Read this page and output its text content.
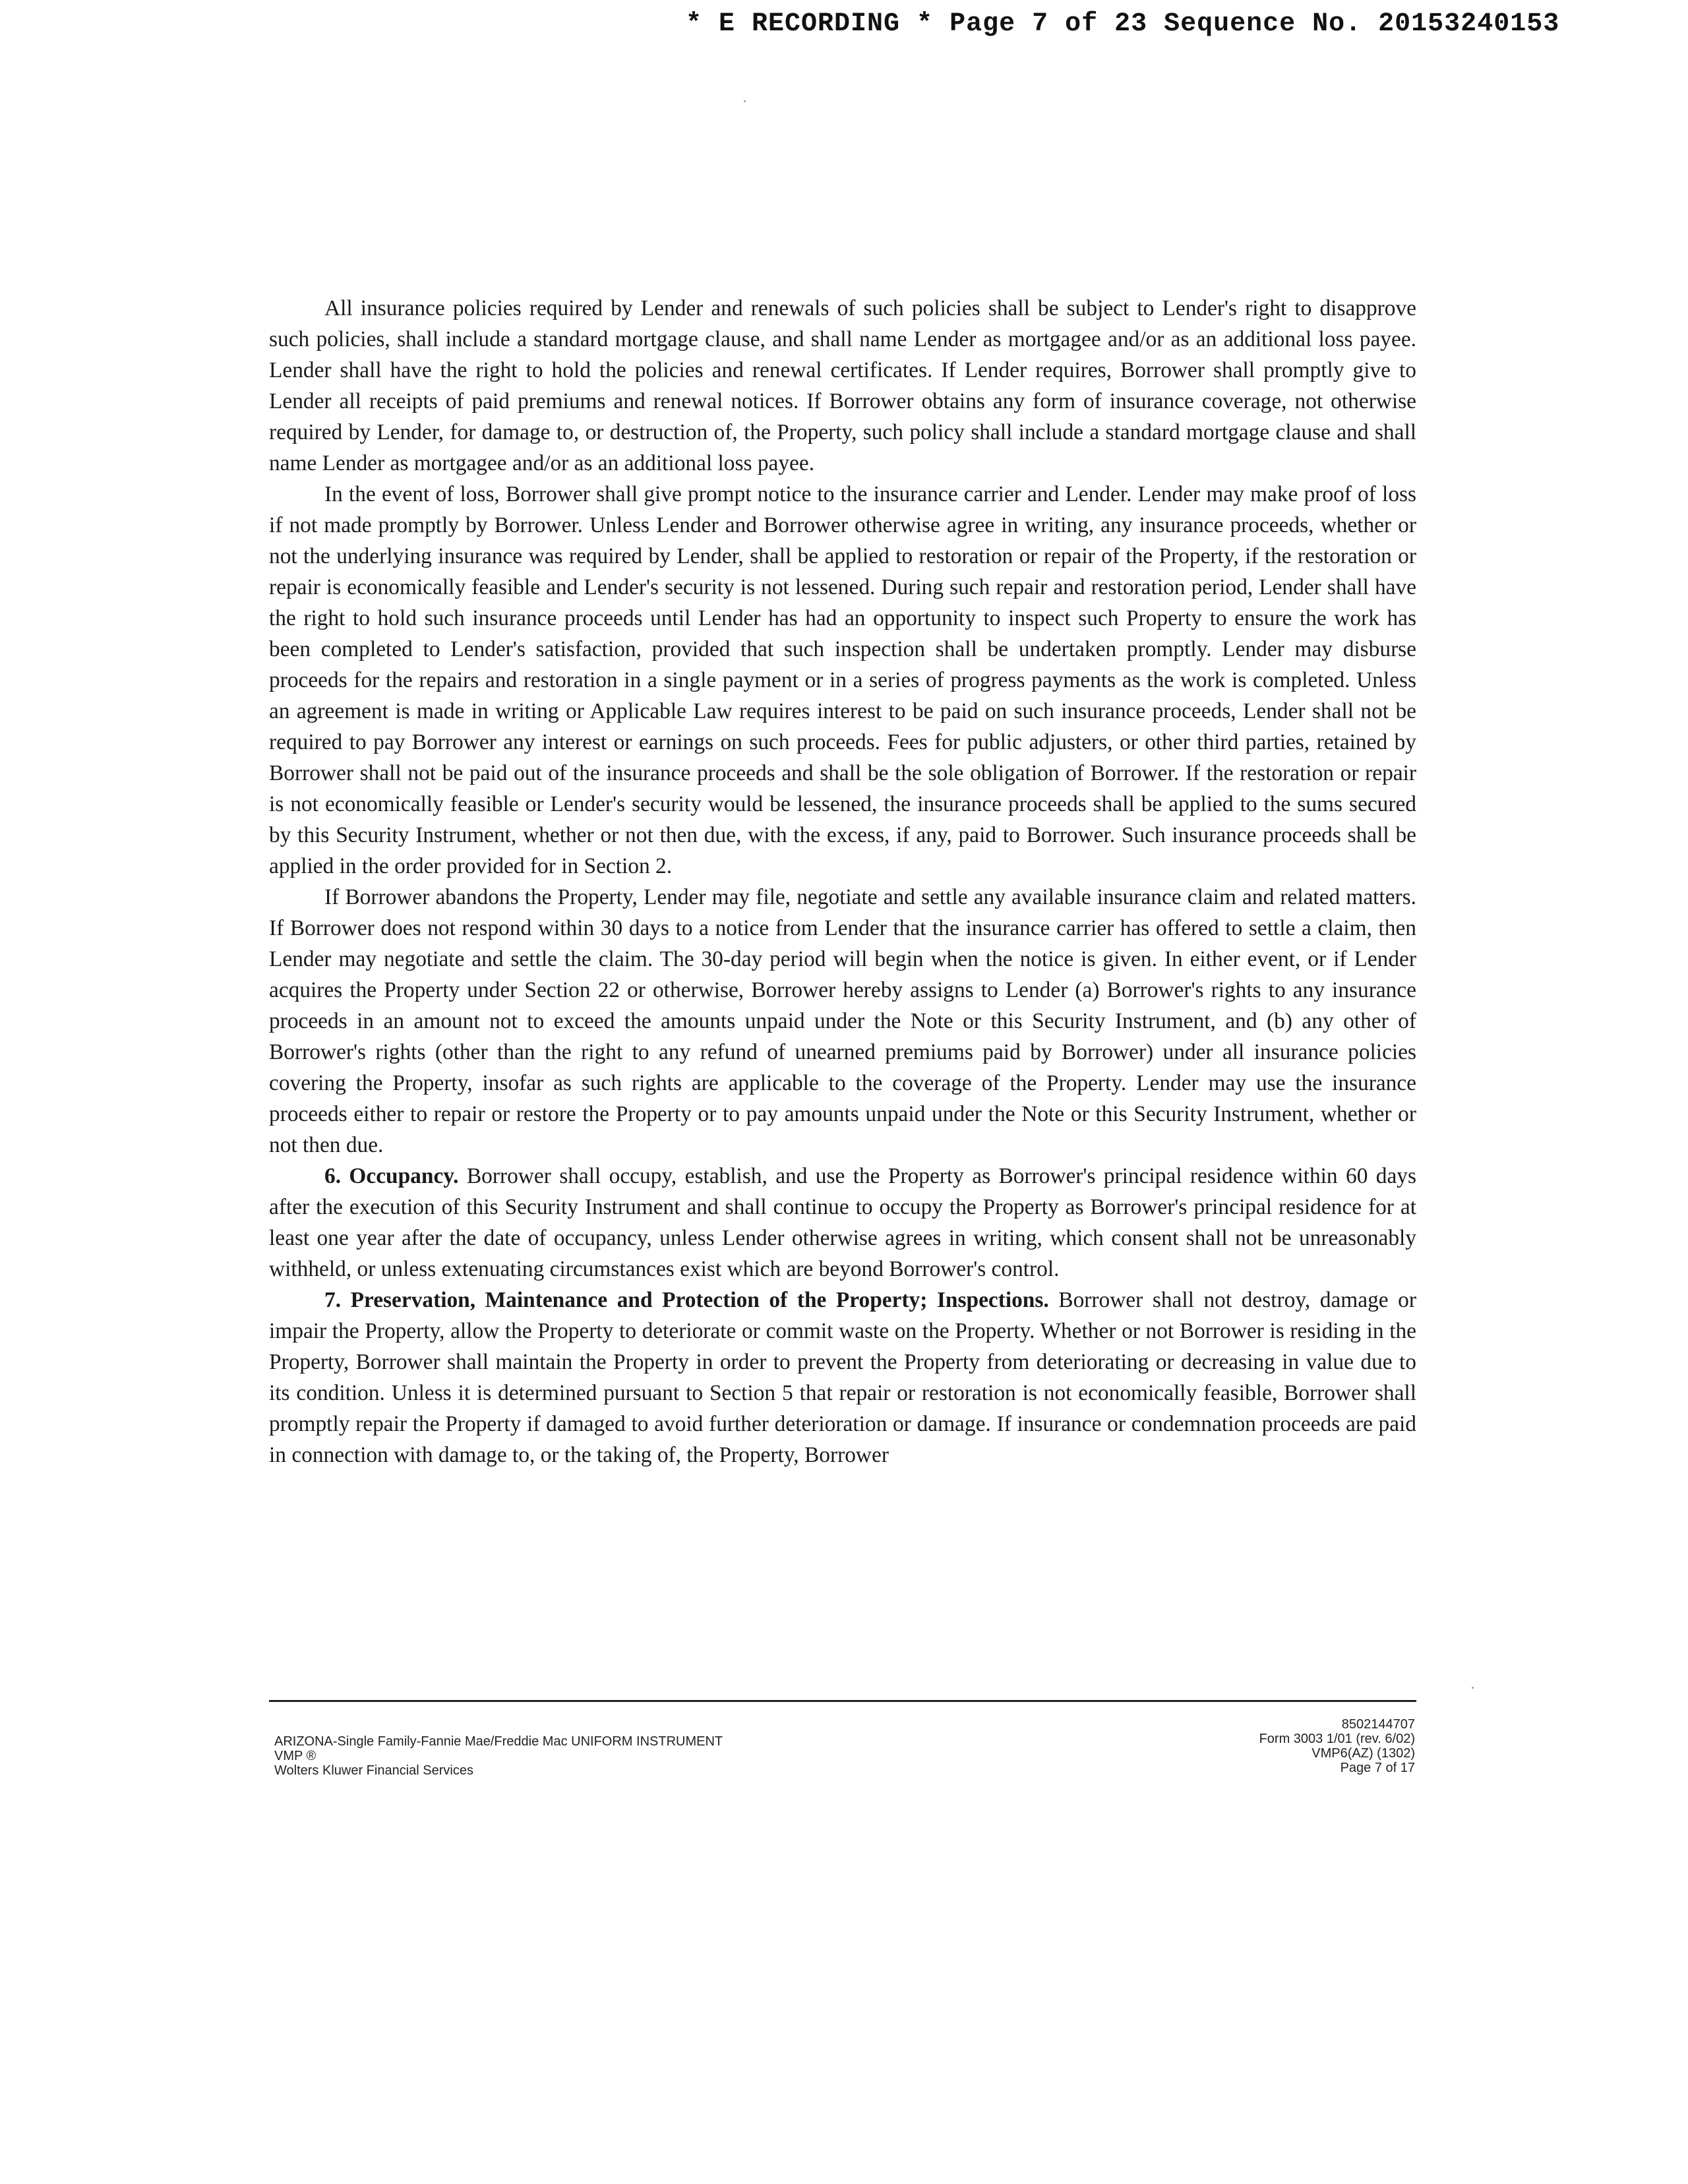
* E RECORDING * Page 7 of 23 Sequence No. 20153240153

All insurance policies required by Lender and renewals of such policies shall be subject to Lender's right to disapprove such policies, shall include a standard mortgage clause, and shall name Lender as mortgagee and/or as an additional loss payee. Lender shall have the right to hold the policies and renewal certificates. If Lender requires, Borrower shall promptly give to Lender all receipts of paid premiums and renewal notices. If Borrower obtains any form of insurance coverage, not otherwise required by Lender, for damage to, or destruction of, the Property, such policy shall include a standard mortgage clause and shall name Lender as mortgagee and/or as an additional loss payee.

In the event of loss, Borrower shall give prompt notice to the insurance carrier and Lender. Lender may make proof of loss if not made promptly by Borrower. Unless Lender and Borrower otherwise agree in writing, any insurance proceeds, whether or not the underlying insurance was required by Lender, shall be applied to restoration or repair of the Property, if the restoration or repair is economically feasible and Lender's security is not lessened. During such repair and restoration period, Lender shall have the right to hold such insurance proceeds until Lender has had an opportunity to inspect such Property to ensure the work has been completed to Lender's satisfaction, provided that such inspection shall be undertaken promptly. Lender may disburse proceeds for the repairs and restoration in a single payment or in a series of progress payments as the work is completed. Unless an agreement is made in writing or Applicable Law requires interest to be paid on such insurance proceeds, Lender shall not be required to pay Borrower any interest or earnings on such proceeds. Fees for public adjusters, or other third parties, retained by Borrower shall not be paid out of the insurance proceeds and shall be the sole obligation of Borrower. If the restoration or repair is not economically feasible or Lender's security would be lessened, the insurance proceeds shall be applied to the sums secured by this Security Instrument, whether or not then due, with the excess, if any, paid to Borrower. Such insurance proceeds shall be applied in the order provided for in Section 2.

If Borrower abandons the Property, Lender may file, negotiate and settle any available insurance claim and related matters. If Borrower does not respond within 30 days to a notice from Lender that the insurance carrier has offered to settle a claim, then Lender may negotiate and settle the claim. The 30-day period will begin when the notice is given. In either event, or if Lender acquires the Property under Section 22 or otherwise, Borrower hereby assigns to Lender (a) Borrower's rights to any insurance proceeds in an amount not to exceed the amounts unpaid under the Note or this Security Instrument, and (b) any other of Borrower's rights (other than the right to any refund of unearned premiums paid by Borrower) under all insurance policies covering the Property, insofar as such rights are applicable to the coverage of the Property. Lender may use the insurance proceeds either to repair or restore the Property or to pay amounts unpaid under the Note or this Security Instrument, whether or not then due.

6. Occupancy. Borrower shall occupy, establish, and use the Property as Borrower's principal residence within 60 days after the execution of this Security Instrument and shall continue to occupy the Property as Borrower's principal residence for at least one year after the date of occupancy, unless Lender otherwise agrees in writing, which consent shall not be unreasonably withheld, or unless extenuating circumstances exist which are beyond Borrower's control.

7. Preservation, Maintenance and Protection of the Property; Inspections. Borrower shall not destroy, damage or impair the Property, allow the Property to deteriorate or commit waste on the Property. Whether or not Borrower is residing in the Property, Borrower shall maintain the Property in order to prevent the Property from deteriorating or decreasing in value due to its condition. Unless it is determined pursuant to Section 5 that repair or restoration is not economically feasible, Borrower shall promptly repair the Property if damaged to avoid further deterioration or damage. If insurance or condemnation proceeds are paid in connection with damage to, or the taking of, the Property, Borrower

ARIZONA-Single Family-Fannie Mae/Freddie Mac UNIFORM INSTRUMENT
VMP ®
Wolters Kluwer Financial Services
8502144707
Form 3003 1/01 (rev. 6/02)
VMP6(AZ) (1302)
Page 7 of 17
